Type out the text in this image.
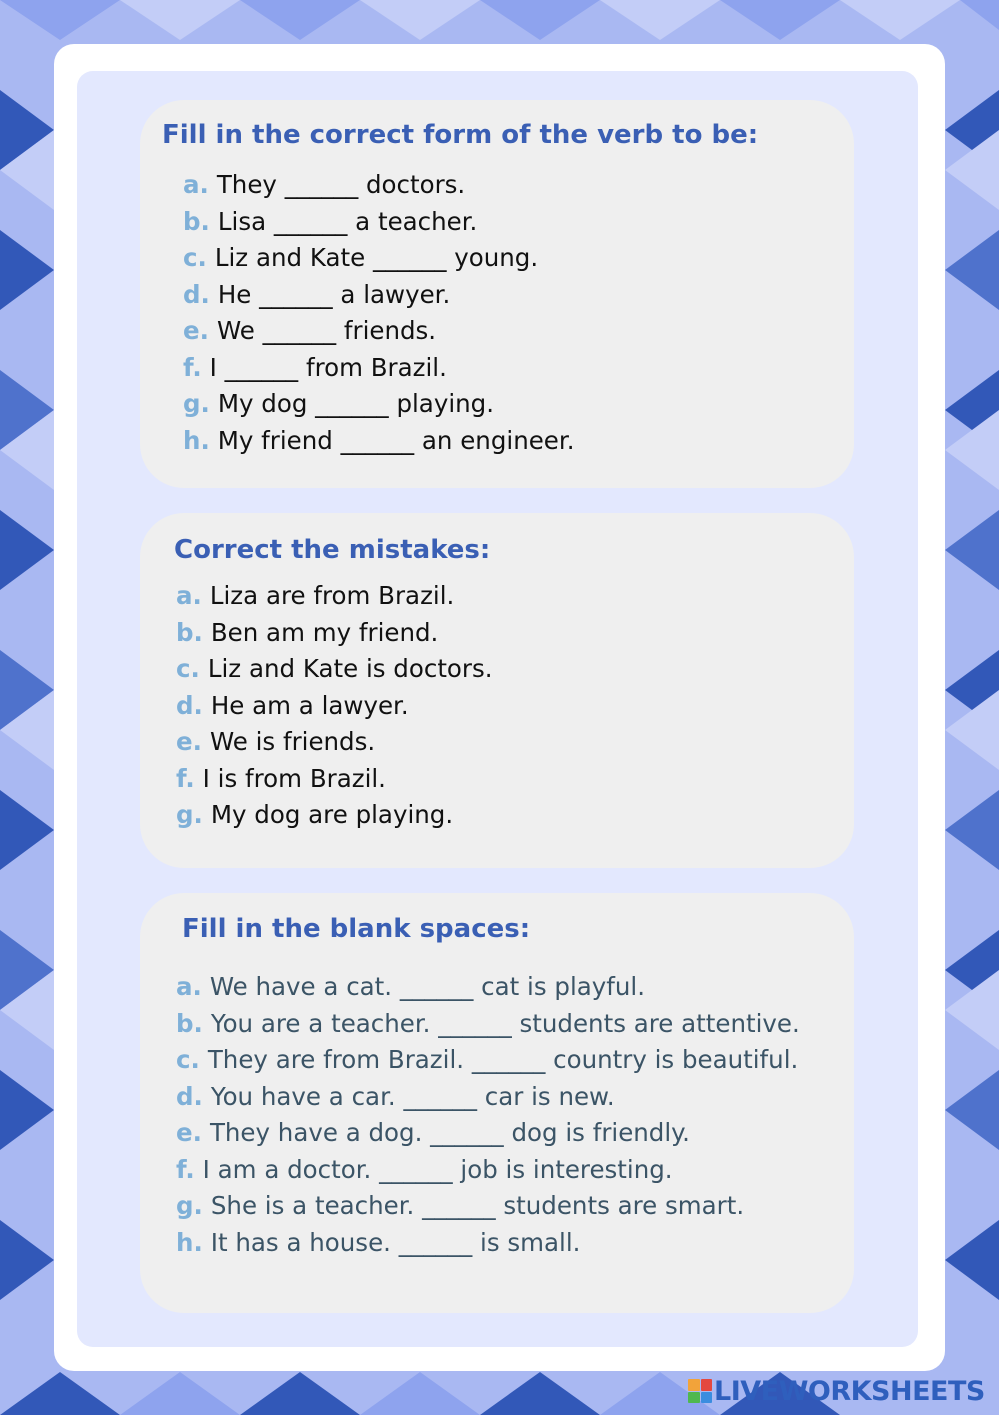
Fill in the correct form of the verb to be:
a. They ______ doctors.
b. Lisa ______ a teacher.
c. Liz and Kate ______ young.
d. He ______ a lawyer.
e. We ______ friends.
f. I ______ from Brazil.
g. My dog ______ playing.
h. My friend ______ an engineer.
Correct the mistakes:
a. Liza are from Brazil.
b. Ben am my friend.
c. Liz and Kate is doctors.
d. He am a lawyer.
e. We is friends.
f. I is from Brazil.
g. My dog are playing.
Fill in the blank spaces:
a. We have a cat. ______ cat is playful.
b. You are a teacher. ______ students are attentive.
c. They are from Brazil. ______ country is beautiful.
d. You have a car. ______ car is new.
e. They have a dog. ______ dog is friendly.
f. I am a doctor. ______ job is interesting.
g. She is a teacher. ______ students are smart.
h. It has a house. ______ is small.
LIVEWORKSHEETS
